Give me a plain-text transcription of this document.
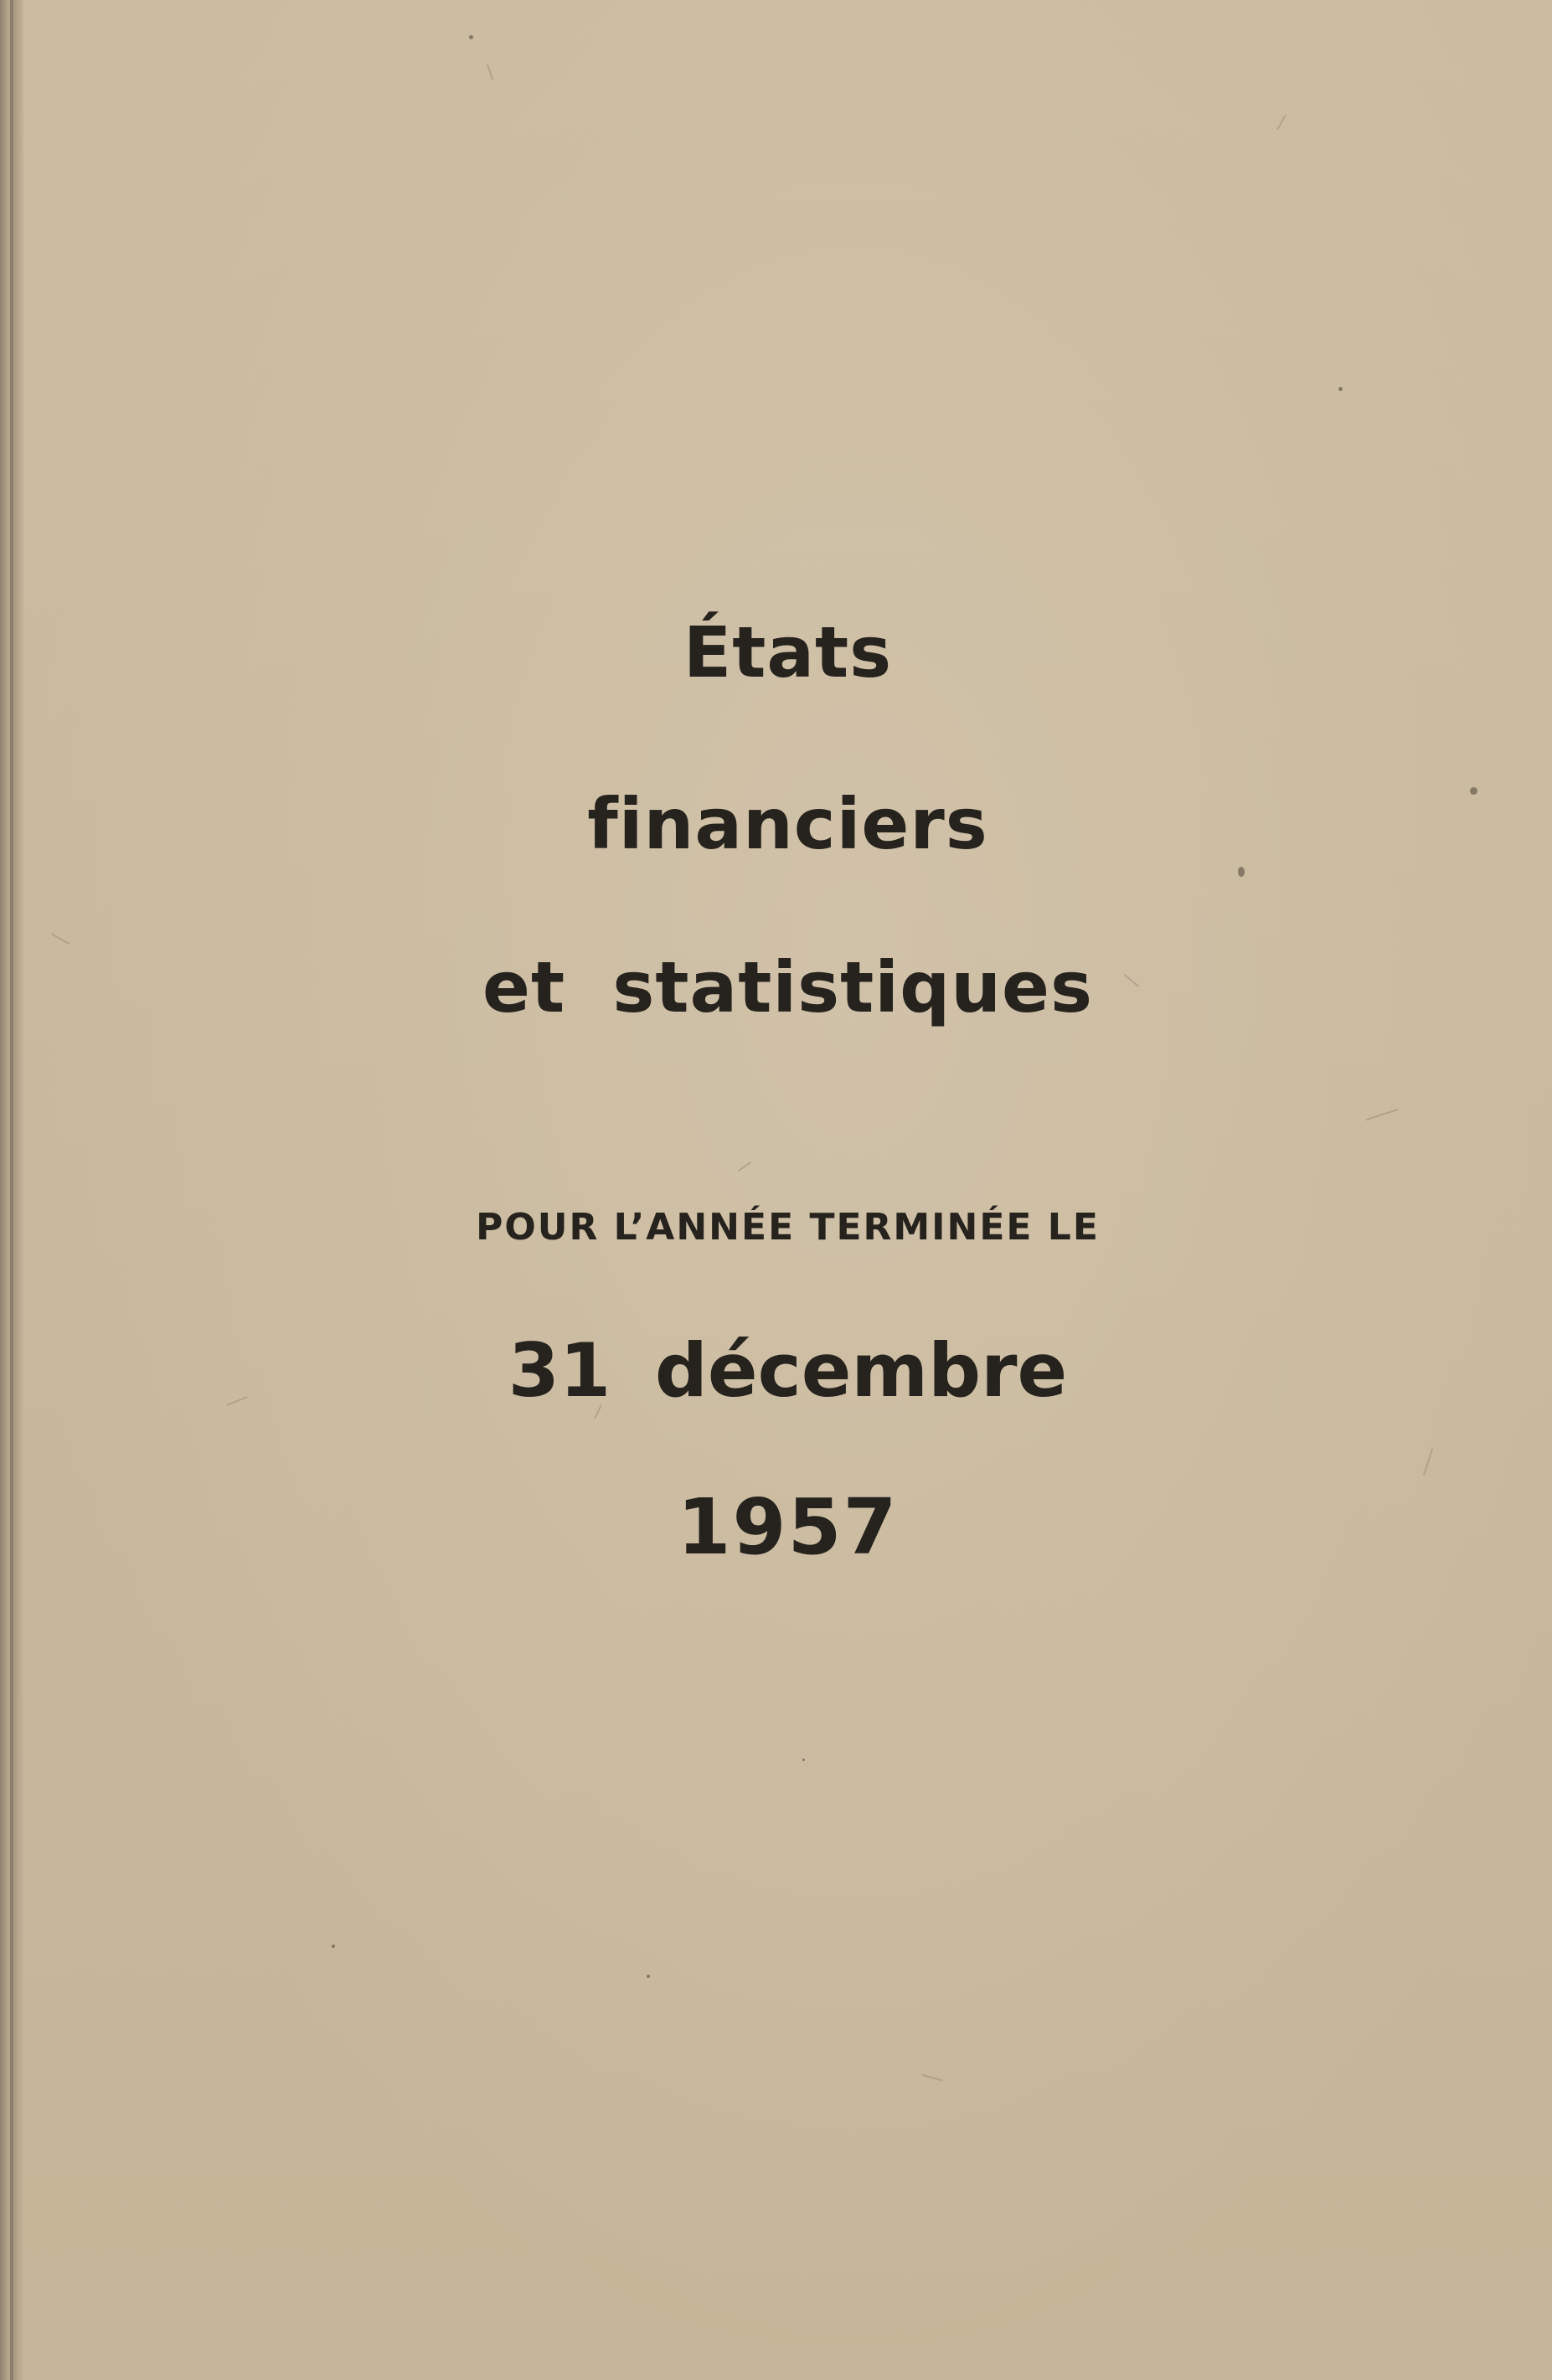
États
financiers
et statistiques
POUR L’ANNÉE TERMINÉE LE
31 décembre
1957
